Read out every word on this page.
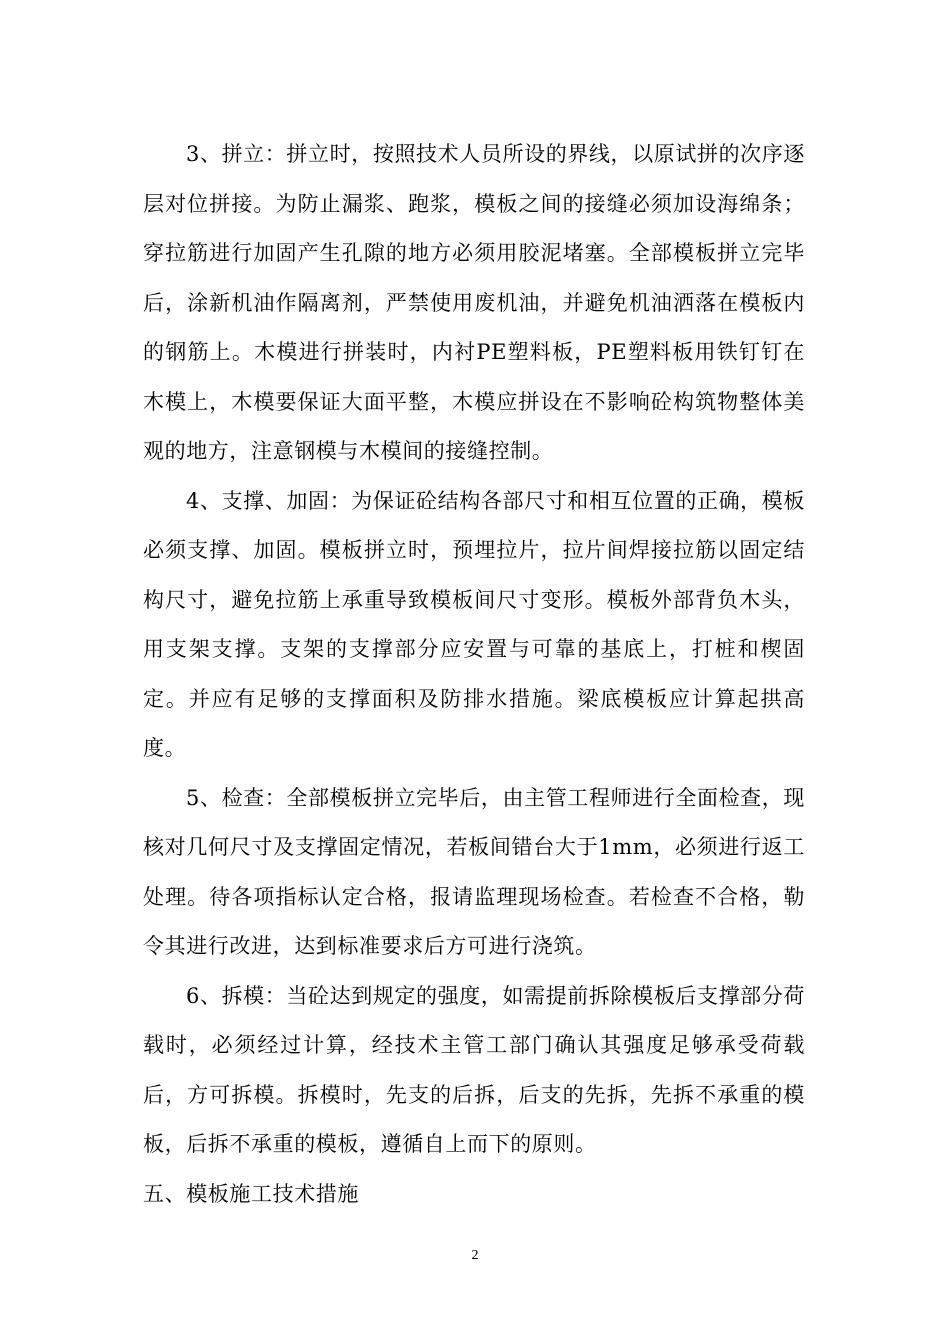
3、拼立：拼立时，按照技术人员所设的界线，以原试拼的次序逐层对位拼接。为防止漏浆、跑浆，模板之间的接缝必须加设海绵条；穿拉筋进行加固产生孔隙的地方必须用胶泥堵塞。全部模板拼立完毕后，涂新机油作隔离剂，严禁使用废机油，并避免机油洒落在模板内的钢筋上。木模进行拼装时，内衬PE塑料板，PE塑料板用铁钉钉在木模上，木模要保证大面平整，木模应拼设在不影响砼构筑物整体美观的地方，注意钢模与木模间的接缝控制。

4、支撑、加固：为保证砼结构各部尺寸和相互位置的正确，模板必须支撑、加固。模板拼立时，预埋拉片，拉片间焊接拉筋以固定结构尺寸，避免拉筋上承重导致模板间尺寸变形。模板外部背负木头，用支架支撑。支架的支撑部分应安置与可靠的基底上，打桩和楔固定。并应有足够的支撑面积及防排水措施。梁底模板应计算起拱高度。

5、检查：全部模板拼立完毕后，由主管工程师进行全面检查，现核对几何尺寸及支撑固定情况，若板间错台大于1mm，必须进行返工处理。待各项指标认定合格，报请监理现场检查。若检查不合格，勒令其进行改进，达到标准要求后方可进行浇筑。

6、拆模：当砼达到规定的强度，如需提前拆除模板后支撑部分荷载时，必须经过计算，经技术主管工部门确认其强度足够承受荷载后，方可拆模。拆模时，先支的后拆，后支的先拆，先拆不承重的模板，后拆不承重的模板，遵循自上而下的原则。

五、模板施工技术措施

2
